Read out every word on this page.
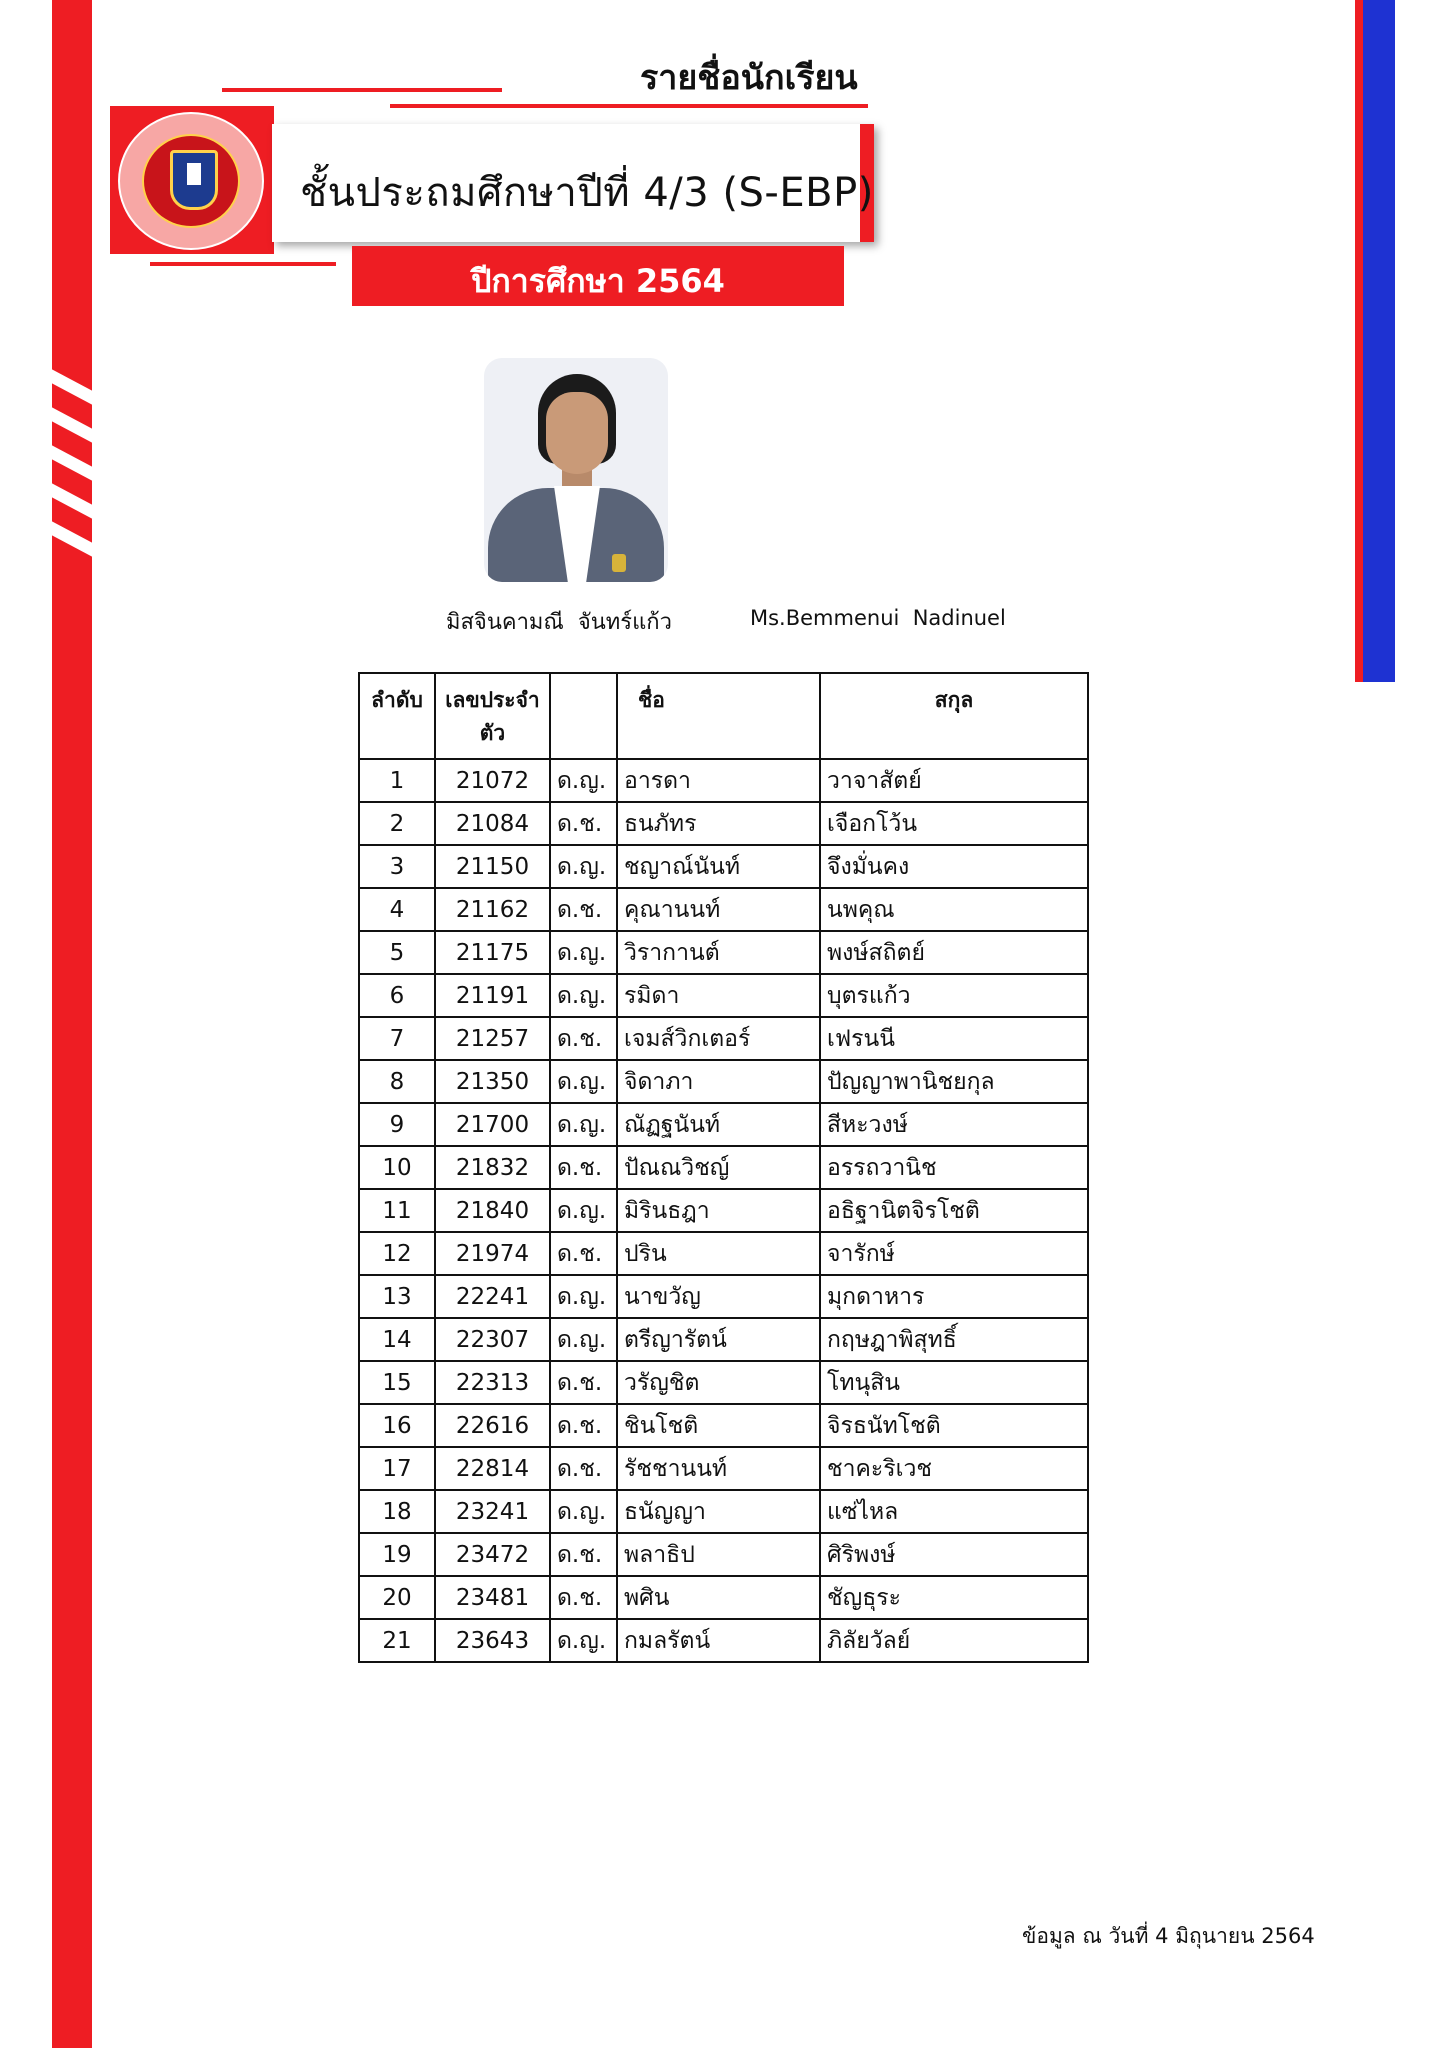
รายชื่อนักเรียน
ชั้นประถมศึกษาปีที่ 4/3 (S-EBP)
ปีการศึกษา 2564
มิสจินคามณี  จันทร์แก้ว	Ms.Bemmenui  Nadinuel
ลำดับ	เลขประจำตัว		ชื่อ	สกุล
1	21072	ด.ญ.	อารดา	วาจาสัตย์
2	21084	ด.ช.	ธนภัทร	เจือกโว้น
3	21150	ด.ญ.	ชญาณ์นันท์	จึงมั่นคง
4	21162	ด.ช.	คุณานนท์	นพคุณ
5	21175	ด.ญ.	วิรากานต์	พงษ์สถิตย์
6	21191	ด.ญ.	รมิดา	บุตรแก้ว
7	21257	ด.ช.	เจมส์วิกเตอร์	เฟรนนี
8	21350	ด.ญ.	จิดาภา	ปัญญาพานิชยกุล
9	21700	ด.ญ.	ณัฏฐนันท์	สีหะวงษ์
10	21832	ด.ช.	ปัณณวิชญ์	อรรถวานิช
11	21840	ด.ญ.	มิรินธฎา	อธิฐานิตจิรโชติ
12	21974	ด.ช.	ปริน	จารักษ์
13	22241	ด.ญ.	นาขวัญ	มุกดาหาร
14	22307	ด.ญ.	ตรีญารัตน์	กฤษฎาพิสุทธิ์
15	22313	ด.ช.	วรัญชิต	โทนุสิน
16	22616	ด.ช.	ชินโชติ	จิรธนัทโชติ
17	22814	ด.ช.	รัชชานนท์	ชาคะริเวช
18	23241	ด.ญ.	ธนัญญา	แซ่ไหล
19	23472	ด.ช.	พลาธิป	ศิริพงษ์
20	23481	ด.ช.	พศิน	ชัญธุระ
21	23643	ด.ญ.	กมลรัตน์	ภิลัยวัลย์
ข้อมูล ณ วันที่ 4 มิถุนายน 2564
